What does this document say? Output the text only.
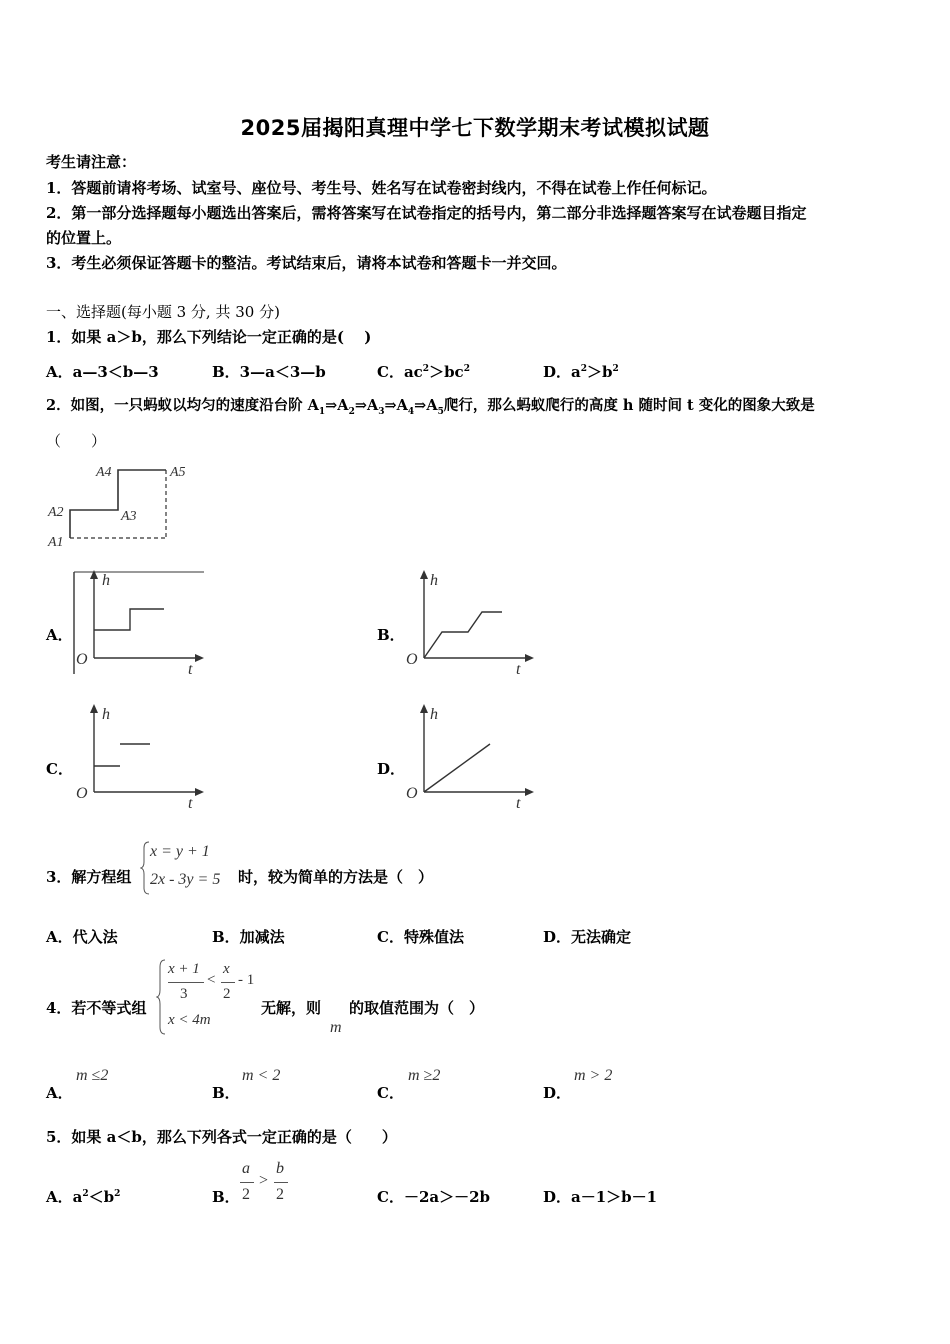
2025届揭阳真理中学七下数学期末考试模拟试题
考生请注意：
1．答题前请将考场、试室号、座位号、考生号、姓名写在试卷密封线内，不得在试卷上作任何标记。
2．第一部分选择题每小题选出答案后，需将答案写在试卷指定的括号内，第二部分非选择题答案写在试卷题目指定
的位置上。
3．考生必须保证答题卡的整洁。考试结束后，请将本试卷和答题卡一并交回。
一、选择题(每小题 3 分, 共 30 分)
1．如果 a＞b，那么下列结论一定正确的是(　 )
A．a—3＜b—3	B．3—a＜3—b	C．$ac^2>bc^2$	D．$a^2>b^2$
2．如图，一只蚂蚁以均匀的速度沿台阶 $A_1\Rightarrow A_2\Rightarrow A_3\Rightarrow A_4\Rightarrow A_5$爬行，那么蚂蚁爬行的高度 h 随时间 t 变化的图象大致是
（　　）
A1
A2	A3
A4	A5
A．	B．
C．	D．
h
O
t
h
O
t
h
O
t
h
O
t
3．解方程组
x = y + 1
2x - 3y = 5 时，较为简单的方法是（　）
A．代入法	B．加减法	C．特殊值法	D．无法确定
4．若不等式组
x + 1
3
<
x
2
- 1
x < 4m
无解，则 的取值范围为（　）
m
A．
m ≤2
B．
m < 2
C．
m ≥2
D．
m > 2
5．如果 a＜b，那么下列各式一定正确的是（　　）
A．$a^2<b^2$	B．
a
2
>
b
2	C．－2a＞－2b	D．a－1＞b－1
